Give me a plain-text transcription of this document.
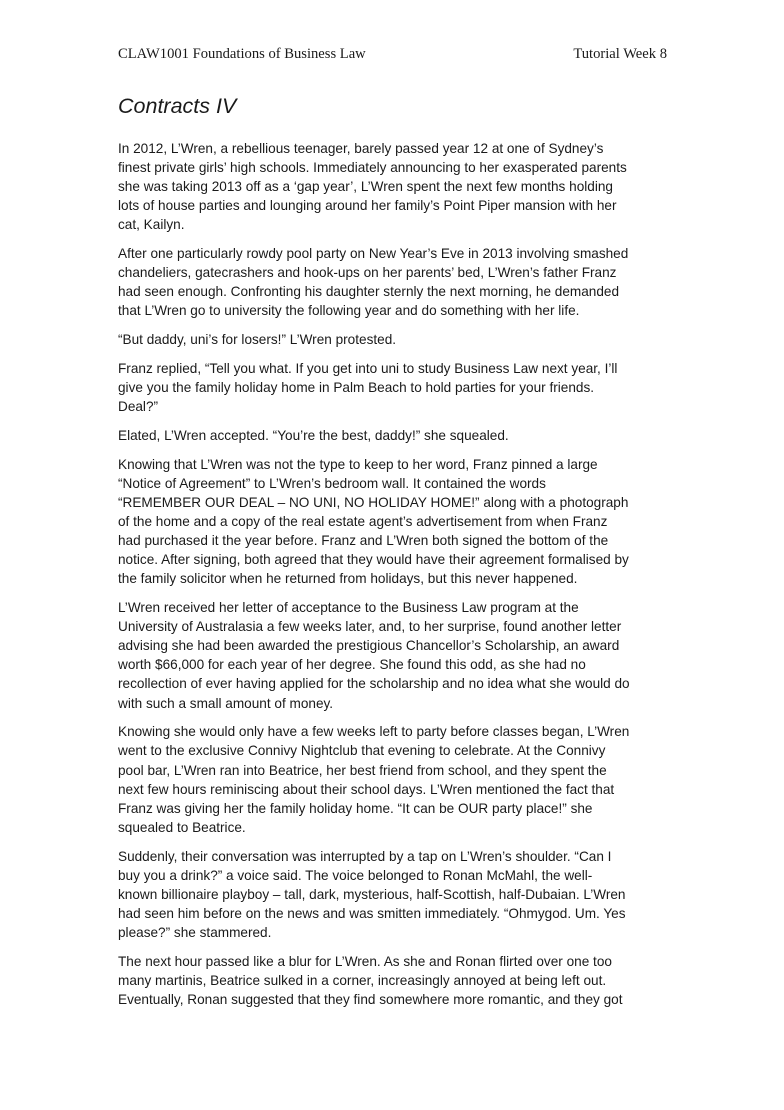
CLAW1001 Foundations of Business Law	Tutorial Week 8
Contracts IV

In 2012, L’Wren, a rebellious teenager, barely passed year 12 at one of Sydney’s
finest private girls’ high schools. Immediately announcing to her exasperated parents
she was taking 2013 off as a ‘gap year’, L’Wren spent the next few months holding
lots of house parties and lounging around her family’s Point Piper mansion with her
cat, Kailyn.

After one particularly rowdy pool party on New Year’s Eve in 2013 involving smashed
chandeliers, gatecrashers and hook-ups on her parents’ bed, L’Wren’s father Franz
had seen enough. Confronting his daughter sternly the next morning, he demanded
that L’Wren go to university the following year and do something with her life.

“But daddy, uni’s for losers!” L’Wren protested.

Franz replied, “Tell you what. If you get into uni to study Business Law next year, I’ll
give you the family holiday home in Palm Beach to hold parties for your friends.
Deal?”

Elated, L’Wren accepted. “You’re the best, daddy!” she squealed.

Knowing that L’Wren was not the type to keep to her word, Franz pinned a large
“Notice of Agreement” to L’Wren’s bedroom wall. It contained the words
“REMEMBER OUR DEAL – NO UNI, NO HOLIDAY HOME!” along with a photograph
of the home and a copy of the real estate agent’s advertisement from when Franz
had purchased it the year before. Franz and L’Wren both signed the bottom of the
notice. After signing, both agreed that they would have their agreement formalised by
the family solicitor when he returned from holidays, but this never happened.

L’Wren received her letter of acceptance to the Business Law program at the
University of Australasia a few weeks later, and, to her surprise, found another letter
advising she had been awarded the prestigious Chancellor’s Scholarship, an award
worth $66,000 for each year of her degree. She found this odd, as she had no
recollection of ever having applied for the scholarship and no idea what she would do
with such a small amount of money.

Knowing she would only have a few weeks left to party before classes began, L’Wren
went to the exclusive Connivy Nightclub that evening to celebrate. At the Connivy
pool bar, L’Wren ran into Beatrice, her best friend from school, and they spent the
next few hours reminiscing about their school days. L’Wren mentioned the fact that
Franz was giving her the family holiday home. “It can be OUR party place!” she
squealed to Beatrice.

Suddenly, their conversation was interrupted by a tap on L’Wren’s shoulder. “Can I
buy you a drink?” a voice said. The voice belonged to Ronan McMahl, the well-
known billionaire playboy – tall, dark, mysterious, half-Scottish, half-Dubaian. L’Wren
had seen him before on the news and was smitten immediately. “Ohmygod. Um. Yes
please?” she stammered.

The next hour passed like a blur for L’Wren. As she and Ronan flirted over one too
many martinis, Beatrice sulked in a corner, increasingly annoyed at being left out.
Eventually, Ronan suggested that they find somewhere more romantic, and they got
